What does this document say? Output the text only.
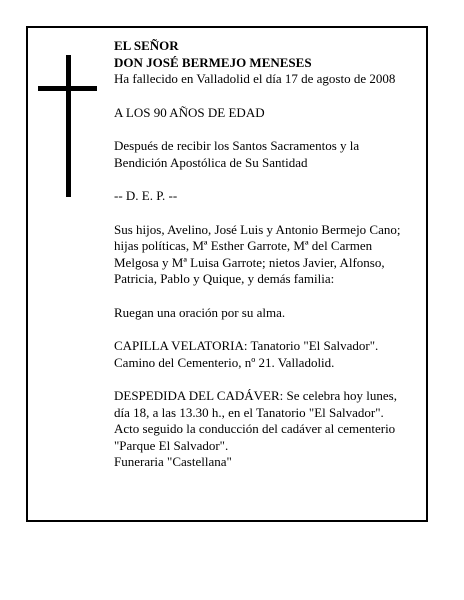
EL SEÑOR
DON JOSÉ BERMEJO MENESES
Ha fallecido en Valladolid el día 17 de agosto de 2008

A LOS 90 AÑOS DE EDAD

Después de recibir los Santos Sacramentos y la
Bendición Apostólica de Su Santidad

-- D. E. P. --

Sus hijos, Avelino, José Luis y Antonio Bermejo Cano;
hijas políticas, Mª Esther Garrote, Mª del Carmen
Melgosa y Mª Luisa Garrote; nietos Javier, Alfonso,
Patricia, Pablo y Quique, y demás familia:

Ruegan una oración por su alma.

CAPILLA VELATORIA: Tanatorio "El Salvador".
Camino del Cementerio, nº 21. Valladolid.

DESPEDIDA DEL CADÁVER: Se celebra hoy lunes,
día 18, a las 13.30 h., en el Tanatorio "El Salvador".
Acto seguido la conducción del cadáver al cementerio
"Parque El Salvador".
Funeraria "Castellana"
